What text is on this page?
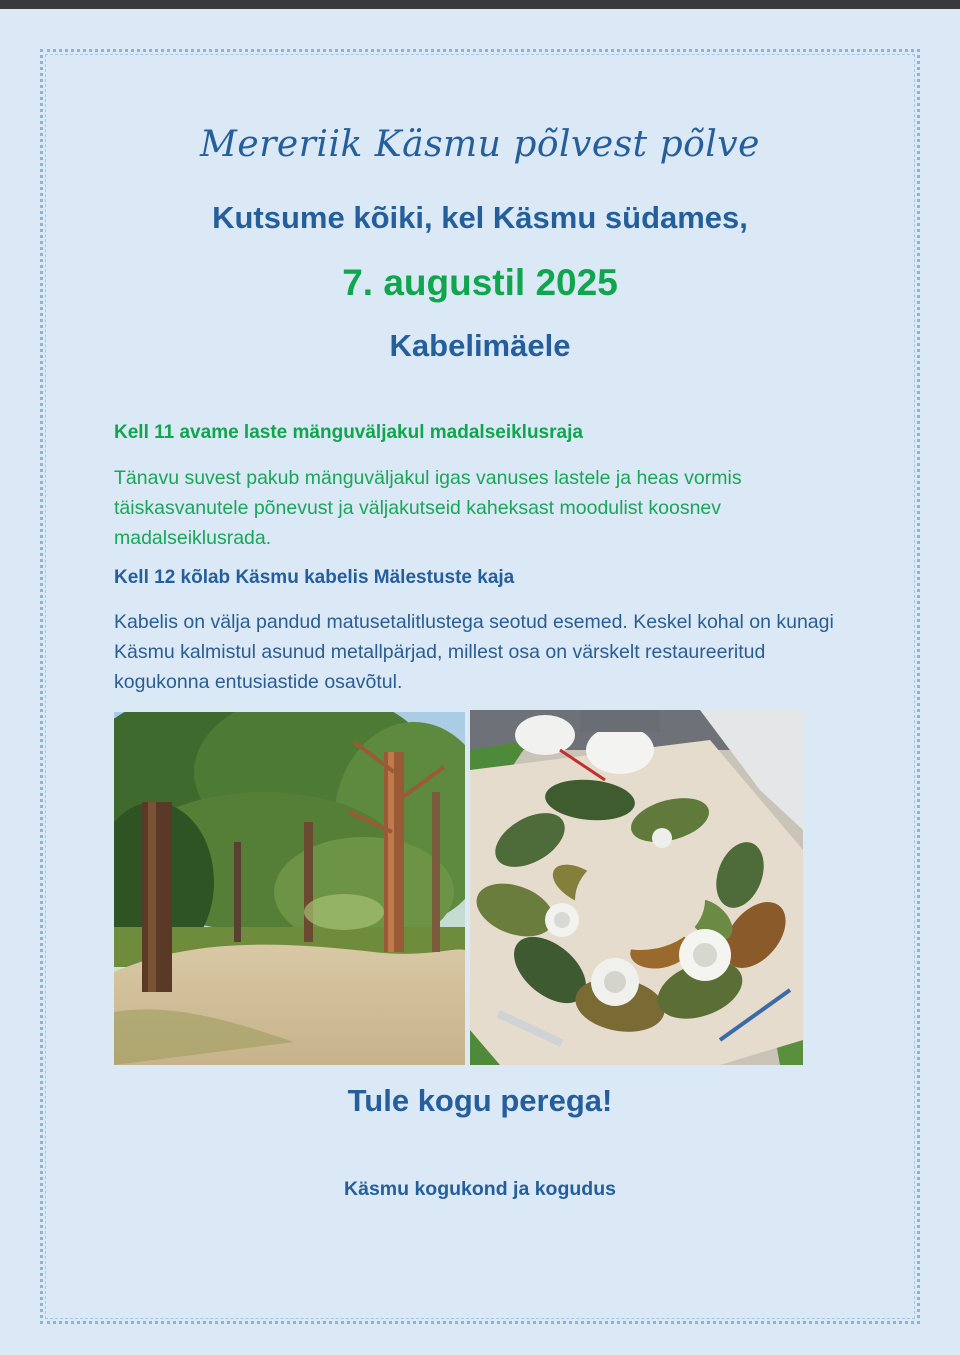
Mereriik Käsmu põlvest põlve
Kutsume kõiki, kel Käsmu südames,
7. augustil 2025
Kabelimäele
Kell 11 avame laste mänguväljakul madalseiklusraja

Tänavu suvest pakub mänguväljakul igas vanuses lastele ja heas vormis täiskasvanutele põnevust ja väljakutseid kaheksast moodulist koosnev madalseiklusrada.

Kell 12 kõlab Käsmu kabelis Mälestuste kaja

Kabelis on välja pandud matusetalitlustega seotud esemed. Keskel kohal on kunagi Käsmu kalmistul asunud metallpärjad, millest osa on värskelt restaureeritud kogukonna entusiastide osavõtul.

Tule kogu perega!
Käsmu kogukond ja kogudus
